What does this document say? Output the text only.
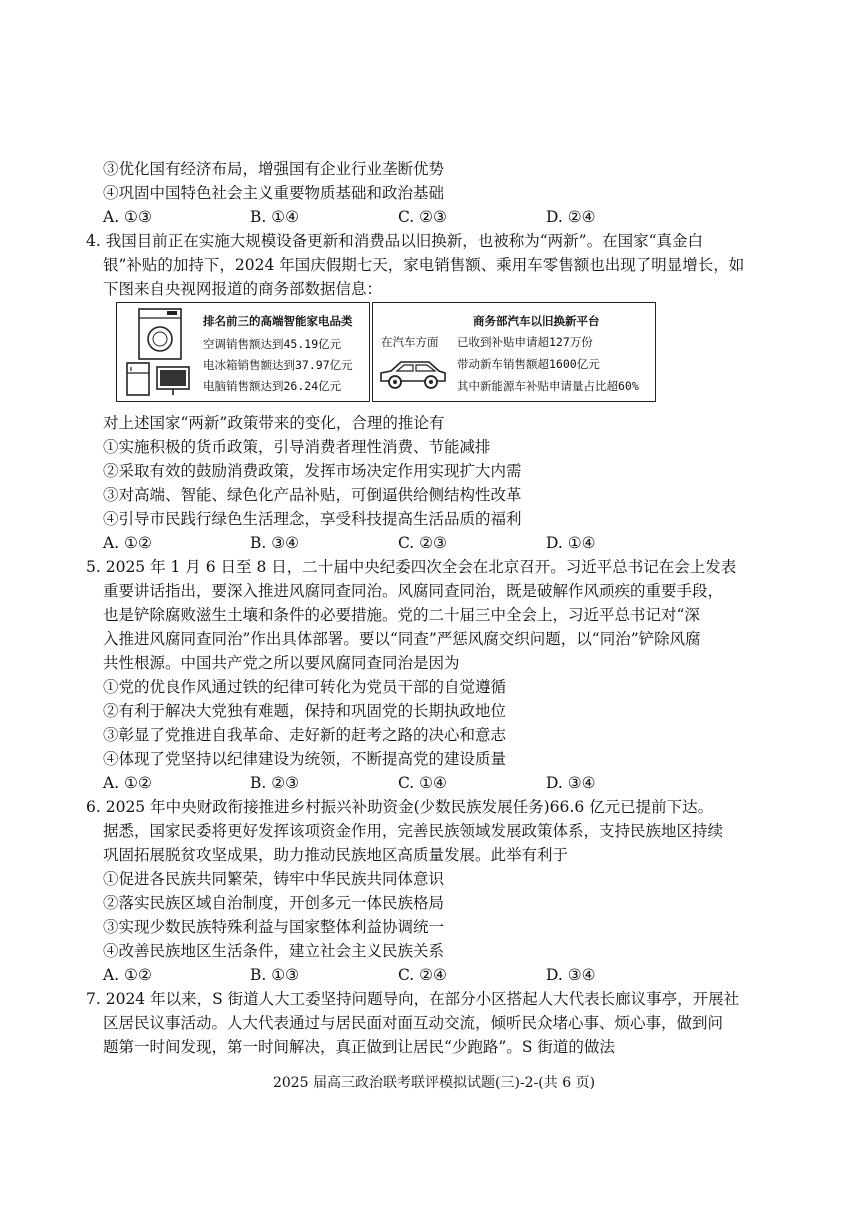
③优化国有经济布局，增强国有企业行业垄断优势
④巩固中国特色社会主义重要物质基础和政治基础
A. ①③	B. ①④	C. ②③	D. ②④
4. 我国目前正在实施大规模设备更新和消费品以旧换新，也被称为“两新”。在国家“真金白
银”补贴的加持下，2024 年国庆假期七天，家电销售额、乘用车零售额也出现了明显增长，如
下图来自央视网报道的商务部数据信息：
排名前三的高端智能家电品类
空调销售额达到45.19亿元
电冰箱销售额达到37.97亿元
电脑销售额达到26.24亿元
商务部汽车以旧换新平台
在汽车方面 已收到补贴申请超127万份
带动新车销售额超1600亿元
其中新能源车补贴申请量占比超60%
对上述国家“两新”政策带来的变化，合理的推论有
①实施积极的货币政策，引导消费者理性消费、节能减排
②采取有效的鼓励消费政策，发挥市场决定作用实现扩大内需
③对高端、智能、绿色化产品补贴，可倒逼供给侧结构性改革
④引导市民践行绿色生活理念，享受科技提高生活品质的福利
A. ①②	B. ③④	C. ②③	D. ①④
5. 2025 年 1 月 6 日至 8 日，二十届中央纪委四次全会在北京召开。习近平总书记在会上发表
重要讲话指出，要深入推进风腐同查同治。风腐同查同治，既是破解作风顽疾的重要手段，
也是铲除腐败滋生土壤和条件的必要措施。党的二十届三中全会上，习近平总书记对“深
入推进风腐同查同治”作出具体部署。要以“同查”严惩风腐交织问题，以“同治”铲除风腐
共性根源。中国共产党之所以要风腐同查同治是因为
①党的优良作风通过铁的纪律可转化为党员干部的自觉遵循
②有利于解决大党独有难题，保持和巩固党的长期执政地位
③彰显了党推进自我革命、走好新的赶考之路的决心和意志
④体现了党坚持以纪律建设为统领，不断提高党的建设质量
A. ①②	B. ②③	C. ①④	D. ③④
6. 2025 年中央财政衔接推进乡村振兴补助资金(少数民族发展任务)66.6 亿元已提前下达。
据悉，国家民委将更好发挥该项资金作用，完善民族领域发展政策体系，支持民族地区持续
巩固拓展脱贫攻坚成果，助力推动民族地区高质量发展。此举有利于
①促进各民族共同繁荣，铸牢中华民族共同体意识
②落实民族区域自治制度，开创多元一体民族格局
③实现少数民族特殊利益与国家整体利益协调统一
④改善民族地区生活条件，建立社会主义民族关系
A. ①②	B. ①③	C. ②④	D. ③④
7. 2024 年以来，S 街道人大工委坚持问题导向，在部分小区搭起人大代表长廊议事亭，开展社
区居民议事活动。人大代表通过与居民面对面互动交流，倾听民众堵心事、烦心事，做到问
题第一时间发现，第一时间解决，真正做到让居民“少跑路”。S 街道的做法
2025 届高三政治联考联评模拟试题(三)-2-(共 6 页)
